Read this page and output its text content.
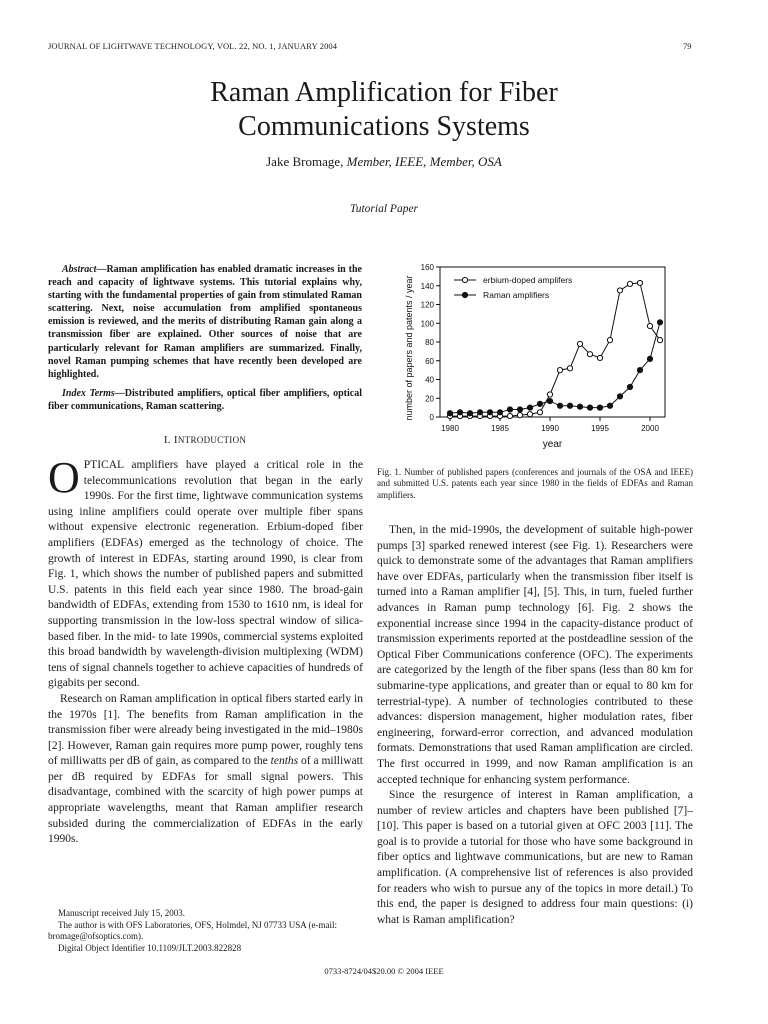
JOURNAL OF LIGHTWAVE TECHNOLOGY, VOL. 22, NO. 1, JANUARY 2004	79
Raman Amplification for Fiber
Communications Systems
Jake Bromage, Member, IEEE, Member, OSA
Tutorial Paper
Abstract—Raman amplification has enabled dramatic increases in the reach and capacity of lightwave systems. This tutorial explains why, starting with the fundamental properties of gain from stimulated Raman scattering. Next, noise accumulation from amplified spontaneous emission is reviewed, and the merits of distributing Raman gain along a transmission fiber are explained. Other sources of noise that are particularly relevant for Raman amplifiers are summarized. Finally, novel Raman pumping schemes that have recently been developed are highlighted.
Index Terms—Distributed amplifiers, optical fiber amplifiers, optical fiber communications, Raman scattering.
I. INTRODUCTION

OPTICAL amplifiers have played a critical role in the telecommunications revolution that began in the early 1990s. For the first time, lightwave communication systems using inline amplifiers could operate over multiple fiber spans without expensive electronic regeneration. Erbium-doped fiber amplifiers (EDFAs) emerged as the technology of choice. The growth of interest in EDFAs, starting around 1990, is clear from Fig. 1, which shows the number of published papers and submitted U.S. patents in this field each year since 1980. The broad-gain bandwidth of EDFAs, extending from 1530 to 1610 nm, is ideal for supporting transmission in the low-loss spectral window of silica-based fiber. In the mid- to late 1990s, commercial systems exploited this broad bandwidth by wavelength-division multiplexing (WDM) tens of signal channels together to achieve capacities of hundreds of gigabits per second.

Research on Raman amplification in optical fibers started early in the 1970s [1]. The benefits from Raman amplification in the transmission fiber were already being investigated in the mid–1980s [2]. However, Raman gain requires more pump power, roughly tens of milliwatts per dB of gain, as compared to the tenths of a milliwatt per dB required by EDFAs for small signal powers. This disadvantage, combined with the scarcity of high power pumps at appropriate wavelengths, meant that Raman amplifier research subsided during the commercialization of EDFAs in the early 1990s.

Manuscript received July 15, 2003.

The author is with OFS Laboratories, OFS, Holmdel, NJ 07733 USA (e-mail: bromage@ofsoptics.com).

Digital Object Identifier 10.1109/JLT.2003.822828

0
20
40
60
80
100
120
140
160
1980	1985	1990	1995	2000
year
number of papers and patents / year	erbium-doped amplifers
Raman amplifiers
Fig. 1. Number of published papers (conferences and journals of the OSA and IEEE) and submitted U.S. patents each year since 1980 in the fields of EDFAs and Raman amplifiers.

Then, in the mid-1990s, the development of suitable high-power pumps [3] sparked renewed interest (see Fig. 1). Researchers were quick to demonstrate some of the advantages that Raman amplifiers have over EDFAs, particularly when the transmission fiber itself is turned into a Raman amplifier [4], [5]. This, in turn, fueled further advances in Raman pump technology [6]. Fig. 2 shows the exponential increase since 1994 in the capacity-distance product of transmission experiments reported at the postdeadline session of the Optical Fiber Communications conference (OFC). The experiments are categorized by the length of the fiber spans (less than 80 km for submarine-type applications, and greater than or equal to 80 km for terrestrial-type). A number of technologies contributed to these advances: dispersion management, higher modulation rates, fiber engineering, forward-error correction, and advanced modulation formats. Demonstrations that used Raman amplification are circled. The first occurred in 1999, and now Raman amplification is an accepted technique for enhancing system performance.

Since the resurgence of interest in Raman amplification, a number of review articles and chapters have been published [7]–[10]. This paper is based on a tutorial given at OFC 2003 [11]. The goal is to provide a tutorial for those who have some background in fiber optics and lightwave communications, but are new to Raman amplification. (A comprehensive list of references is also provided for readers who wish to pursue any of the topics in more detail.) To this end, the paper is designed to address four main questions: (i) what is Raman amplification?

0733-8724/04$20.00 © 2004 IEEE
